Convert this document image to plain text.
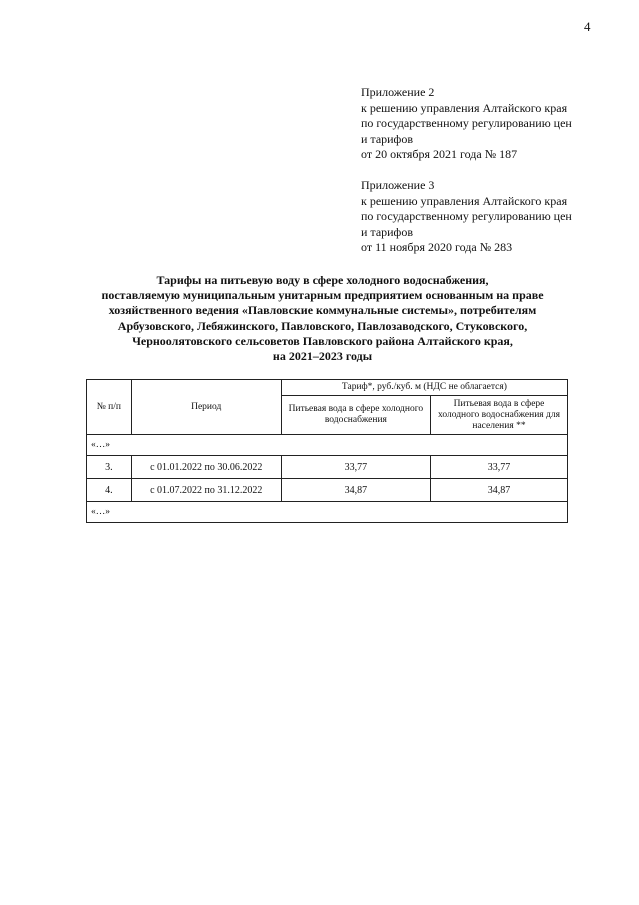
4
Приложение 2
к решению управления Алтайского края
по государственному регулированию цен
и тарифов
от 20 октября 2021 года № 187
Приложение 3
к решению управления Алтайского края
по государственному регулированию цен
и тарифов
от 11 ноября 2020 года № 283
Тарифы на питьевую воду в сфере холодного водоснабжения,
поставляемую муниципальным унитарным предприятием основанным на праве
хозяйственного ведения «Павловские коммунальные системы», потребителям
Арбузовского, Лебяжинского, Павловского, Павлозаводского, Стуковского,
Черноолятовского сельсоветов Павловского района Алтайского края,
на 2021–2023 годы
№ п/п	Период	Тариф*, руб./куб. м (НДС не облагается)	
		Питьевая вода в сфере холодного водоснабжения	Питьевая вода в сфере холодного водоснабжения для населения **
«…»			
3.	с 01.01.2022 по 30.06.2022	33,77	33,77
4.	с 01.07.2022 по 31.12.2022	34,87	34,87
«…»			
